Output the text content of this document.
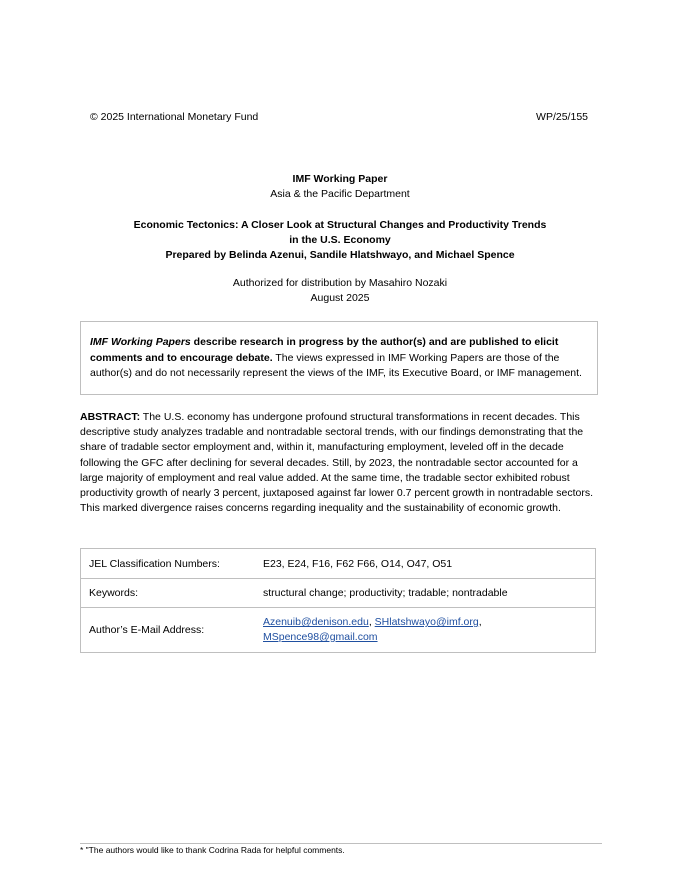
© 2025 International Monetary Fund	WP/25/155
IMF Working Paper
Asia & the Pacific Department
Economic Tectonics: A Closer Look at Structural Changes and Productivity Trends
in the U.S. Economy
Prepared by Belinda Azenui, Sandile Hlatshwayo, and Michael Spence
Authorized for distribution by Masahiro Nozaki
August 2025
IMF Working Papers describe research in progress by the author(s) and are published to elicit comments and to encourage debate. The views expressed in IMF Working Papers are those of the author(s) and do not necessarily represent the views of the IMF, its Executive Board, or IMF management.
ABSTRACT: The U.S. economy has undergone profound structural transformations in recent decades. This descriptive study analyzes tradable and nontradable sectoral trends, with our findings demonstrating that the share of tradable sector employment and, within it, manufacturing employment, leveled off in the decade following the GFC after declining for several decades. Still, by 2023, the nontradable sector accounted for a large majority of employment and real value added. At the same time, the tradable sector exhibited robust productivity growth of nearly 3 percent, juxtaposed against far lower 0.7 percent growth in nontradable sectors. This marked divergence raises concerns regarding inequality and the sustainability of economic growth.
JEL Classification Numbers:	E23, E24, F16, F62 F66, O14, O47, O51
Keywords:	structural change; productivity; tradable; nontradable
Author’s E-Mail Address:	Azenuib@denison.edu, SHlatshwayo@imf.org,
MSpence98@gmail.com
* "The authors would like to thank Codrina Rada for helpful comments.
